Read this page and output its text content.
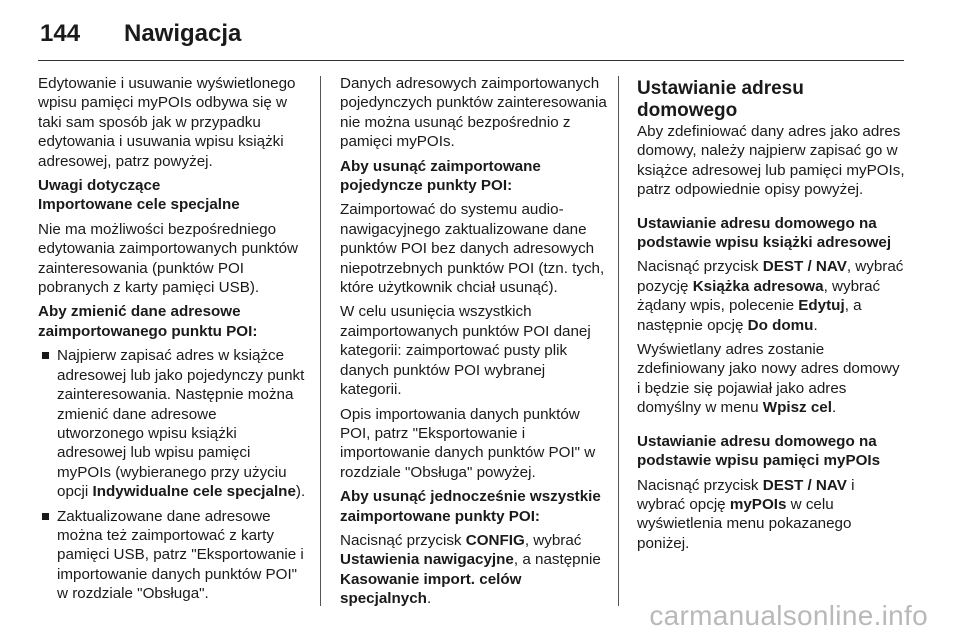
144	Nawigacja

Edytowanie i usuwanie wyświetlonego wpisu pamięci myPOIs odbywa się w taki sam sposób jak w przypadku edytowania i usuwania wpisu książki adresowej, patrz powyżej.

Uwagi dotyczące
Importowane cele specjalne

Nie ma możliwości bezpośredniego edytowania zaimportowanych punktów zainteresowania (punktów POI pobranych z karty pamięci USB).

Aby zmienić dane adresowe
zaimportowanego punktu POI:

Najpierw zapisać adres w książce adresowej lub jako pojedynczy punkt zainteresowania. Następnie można zmienić dane adresowe utworzonego wpisu książki adresowej lub wpisu pamięci myPOIs (wybieranego przy użyciu opcji Indywidualne cele specjalne).
Zaktualizowane dane adresowe można też zaimportować z karty pamięci USB, patrz "Eksportowanie i importowanie danych punktów POI" w rozdziale "Obsługa".

Danych adresowych zaimportowanych pojedynczych punktów zainteresowania nie można usunąć bezpośrednio z pamięci myPOIs.

Aby usunąć zaimportowane
pojedyncze punkty POI:

Zaimportować do systemu audio-nawigacyjnego zaktualizowane dane punktów POI bez danych adresowych niepotrzebnych punktów POI (tzn. tych, które użytkownik chciał usunąć).

W celu usunięcia wszystkich zaimportowanych punktów POI danej kategorii: zaimportować pusty plik danych punktów POI wybranej kategorii.

Opis importowania danych punktów POI, patrz "Eksportowanie i importowanie danych punktów POI" w rozdziale "Obsługa" powyżej.

Aby usunąć jednocześnie wszystkie
zaimportowane punkty POI:

Nacisnąć przycisk CONFIG, wybrać Ustawienia nawigacyjne, a następnie Kasowanie import. celów specjalnych.

Ustawianie adresu domowego

Aby zdefiniować dany adres jako adres domowy, należy najpierw zapisać go w książce adresowej lub pamięci myPOIs, patrz odpowiednie opisy powyżej.

Ustawianie adresu domowego na
podstawie wpisu książki adresowej

Nacisnąć przycisk DEST / NAV, wybrać pozycję Książka adresowa, wybrać żądany wpis, polecenie Edytuj, a następnie opcję Do domu.

Wyświetlany adres zostanie zdefiniowany jako nowy adres domowy i będzie się pojawiał jako adres domyślny w menu Wpisz cel.

Ustawianie adresu domowego na
podstawie wpisu pamięci myPOIs

Nacisnąć przycisk DEST / NAV i wybrać opcję myPOIs w celu wyświetlenia menu pokazanego poniżej.

carmanualsonline.info
